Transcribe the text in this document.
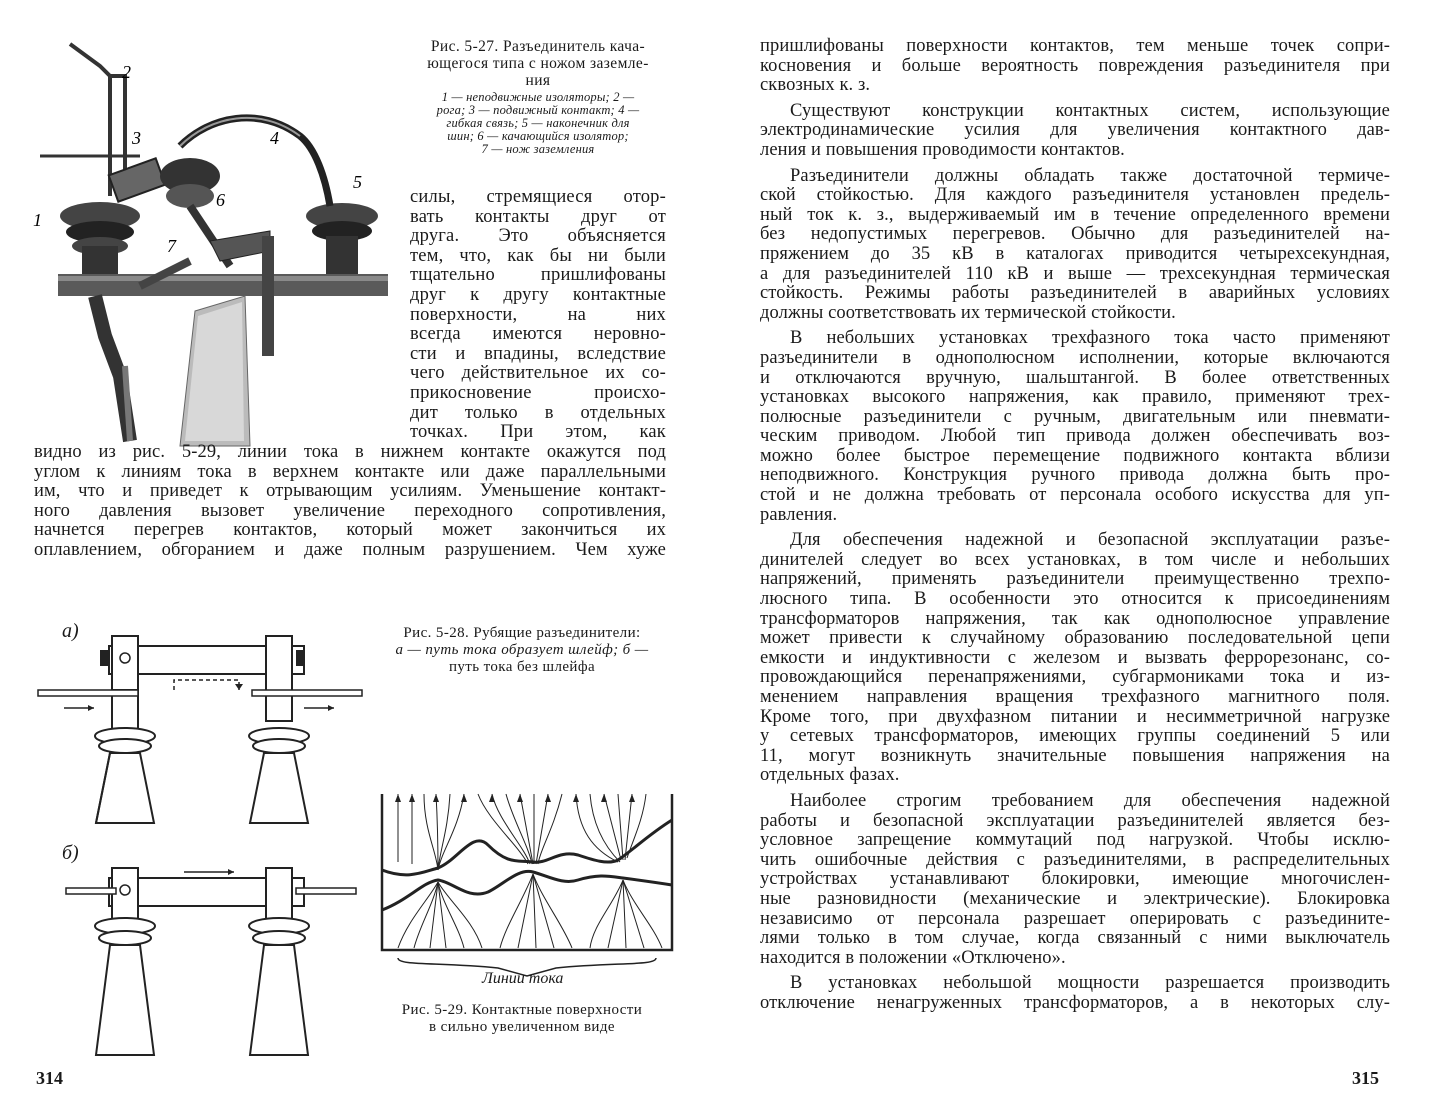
2
3	4
5
6
1
7
Рис. 5-27. Разъединитель кача-
ющегося типа с ножом заземле-
ния
1 — неподвижные изоляторы; 2 —
рога; 3 — подвижный контакт; 4 —
гибкая связь; 5 — наконечник для
шин; 6 — качающийся изолятор;
7 — нож заземления
силы, стремящиеся отор-
вать контакты друг от
друга. Это объясняется
тем, что, как бы ни были
тщательно пришлифованы
друг к другу контактные
поверхности, на них
всегда имеются неровно-
сти и впадины, вследствие
чего действительное их со-
прикосновение происхо-
дит только в отдельных
точках. При этом, как
видно из рис. 5-29, линии тока в нижнем контакте окажутся под
углом к линиям тока в верхнем контакте или даже параллельными
им, что и приведет к отрывающим усилиям. Уменьшение контакт-
ного давления вызовет увеличение переходного сопротивления,
начнется перегрев контактов, который может закончиться их
оплавлением, обгоранием и даже полным разрушением. Чем хуже
а)
б)
Рис. 5-28. Рубящие разъединители:
а — путь тока образует шлейф; б —
путь тока без шлейфа
Линии тока
Рис. 5-29. Контактные поверхности
в сильно увеличенном виде
314
пришлифованы поверхности контактов, тем меньше точек сопри-
косновения и больше вероятность повреждения разъединителя при
сквозных к. з.
Существуют конструкции контактных систем, использующие
электродинамические усилия для увеличения контактного дав-
ления и повышения проводимости контактов.
Разъединители должны обладать также достаточной термиче-
ской стойкостью. Для каждого разъединителя установлен предель-
ный ток к. з., выдерживаемый им в течение определенного времени
без недопустимых перегревов. Обычно для разъединителей на-
пряжением до 35 кВ в каталогах приводится четырехсекундная,
а для разъединителей 110 кВ и выше — трехсекундная термическая
стойкость. Режимы работы разъединителей в аварийных условиях
должны соответствовать их термической стойкости.
В небольших установках трехфазного тока часто применяют
разъединители в однополюсном исполнении, которые включаются
и отключаются вручную, шальштангой. В более ответственных
установках высокого напряжения, как правило, применяют трех-
полюсные разъединители с ручным, двигательным или пневмати-
ческим приводом. Любой тип привода должен обеспечивать воз-
можно более быстрое перемещение подвижного контакта вблизи
неподвижного. Конструкция ручного привода должна быть про-
стой и не должна требовать от персонала особого искусства для уп-
равления.
Для обеспечения надежной и безопасной эксплуатации разъе-
динителей следует во всех установках, в том числе и небольших
напряжений, применять разъединители преимущественно трехпо-
люсного типа. В особенности это относится к присоединениям
трансформаторов напряжения, так как однополюсное управление
может привести к случайному образованию последовательной цепи
емкости и индуктивности с железом и вызвать феррорезонанс, со-
провождающийся перенапряжениями, субгармониками тока и из-
менением направления вращения трехфазного магнитного поля.
Кроме того, при двухфазном питании и несимметричной нагрузке
у сетевых трансформаторов, имеющих группы соединений 5 или
11, могут возникнуть значительные повышения напряжения на
отдельных фазах.
Наиболее строгим требованием для обеспечения надежной
работы и безопасной эксплуатации разъединителей является без-
условное запрещение коммутаций под нагрузкой. Чтобы исклю-
чить ошибочные действия с разъединителями, в распределительных
устройствах устанавливают блокировки, имеющие многочислен-
ные разновидности (механические и электрические). Блокировка
независимо от персонала разрешает оперировать с разъедините-
лями только в том случае, когда связанный с ними выключатель
находится в положении «Отключено».
В установках небольшой мощности разрешается производить
отключение ненагруженных трансформаторов, а в некоторых слу-
315
